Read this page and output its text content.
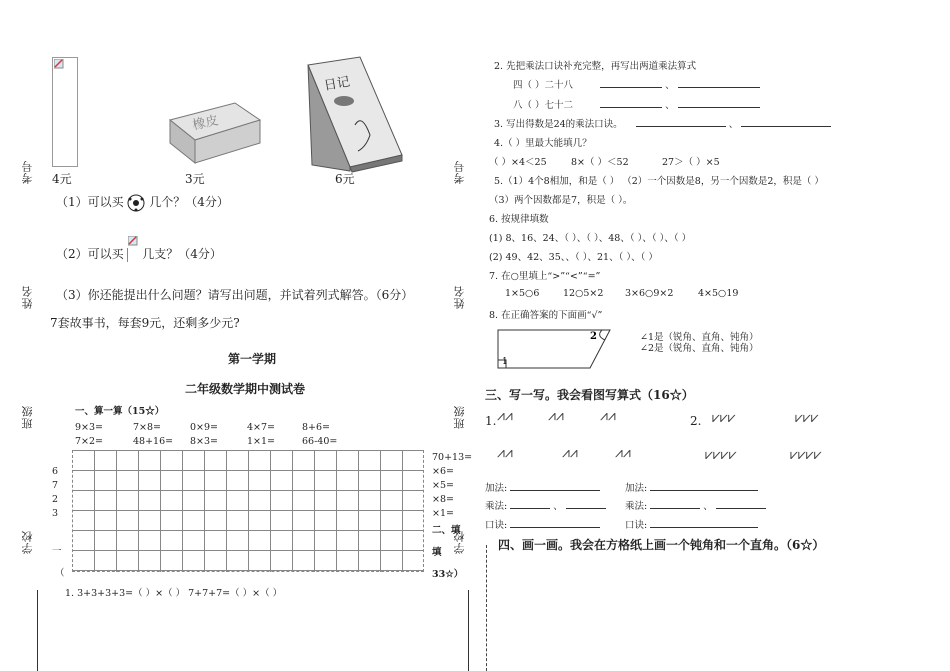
考号
姓名
班级
学校
考号
姓名
班级
学校
橡皮
日记
4元	3元	6元
（1）可以买 几个？（4分）
（2）可以买 几支？（4分）
（3）你还能提出什么问题？请写出问题，并试着列式解答。（6分）
7套故事书，每套9元，还剩多少元?
第一学期
二年级数学期中测试卷
一、算一算（15☆）
9×3=	7×8=	0×9=	4×7=	8+6=
7×2=	48+16= 8×3=	1×1=	66-40=
6
7
2
3
一
（
70+13=
×6=
×5=
×8=
×1=
二、填
填
33☆）
1. 3+3+3+3=（ ）×（ ） 7+7+7=（ ）×（ ）
2. 先把乘法口诀补充完整，再写出两道乘法算式
四（ ）二十八	、
八（ ）七十二	、
3. 写出得数是24的乘法口诀。	、
4.（ ）里最大能填几？
（ ）×4＜25	8×（ ）＜52	27＞（ ）×5
5.（1）4个8相加，和是（ ） （2）一个因数是8，另一个因数是2，积是（ ）
（3）两个因数都是7，积是（ ）。
6. 按规律填数
(1) 8、16、24、（ ）、（ ）、48、（ ）、（ ）、（ ）
(2) 49、42、35、、（ ）、21、（ ）、（ ）
7. 在○里填上“>”“<”“=”
1×5○6 12○5×2 3×6○9×2	4×5○19
8. 在正确答案的下面画“√”
1
2	∠1是（锐角、直角、钝角）
∠2是（锐角、直角、钝角）
三、写一写。我会看图写算式（16☆）
1.	2.
⩘⩘	⩘⩘	⩘⩘
⩘⩘	⩘⩘	⩘⩘
⩗⩗⩗	⩗⩗⩗
⩗⩗⩗⩗	⩗⩗⩗⩗
加法:
乘法:	、
口诀:
加法:
乘法:	、
口诀:
四、画一画。我会在方格纸上画一个钝角和一个直角。（6☆）
